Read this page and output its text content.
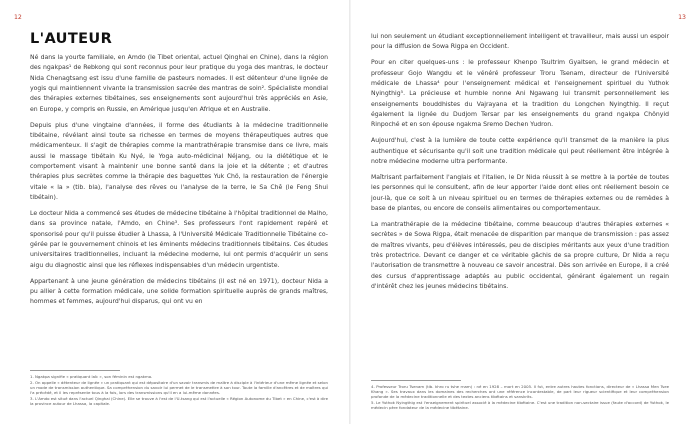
12	13
L'AUTEUR

Né dans la yourte familiale, en Amdo (le Tibet oriental, actuel Qinghai en Chine), dans la région des ngakpas¹ de Rebkong qui sont reconnus pour leur pratique du yoga des mantras, le docteur Nida Chenagtsang est issu d'une famille de pasteurs nomades. Il est détenteur d'une lignée de yogis qui maintiennent vivante la transmission sacrée des mantras de soin². Spécialiste mondial des thérapies externes tibétaines, ses enseignements sont aujourd'hui très appréciés en Asie, en Europe, y compris en Russie, en Amérique jusqu'en Afrique et en Australie.

Depuis plus d'une vingtaine d'années, il forme des étudiants à la médecine traditionnelle tibétaine, révélant ainsi toute sa richesse en termes de moyens thérapeutiques autres que médicamenteux. Il s'agit de thérapies comme la mantrathérapie transmise dans ce livre, mais aussi le massage tibétain Ku Nyé, le Yoga auto-médicinal Néjang, ou la diététique et le comportement visant à maintenir une bonne santé dans la joie et la détente ; et d'autres thérapies plus secrètes comme la thérapie des baguettes Yuk Chö, la restauration de l'énergie vitale « la » (tib. bla), l'analyse des rêves ou l'analyse de la terre, le Sa Chê (le Feng Shui tibétain).

Le docteur Nida a commencé ses études de médecine tibétaine à l'hôpital traditionnel de Malho, dans sa province natale, l'Amdo, en Chine³. Ses professeurs l'ont rapidement repéré et sponsorisé pour qu'il puisse étudier à Lhassa, à l'Université Médicale Traditionnelle Tibétaine co-gérée par le gouvernement chinois et les éminents médecins traditionnels tibétains. Ces études universitaires traditionnelles, incluant la médecine moderne, lui ont permis d'acquérir un sens aigu du diagnostic ainsi que les réflexes indispensables d'un médecin urgentiste.

Appartenant à une jeune génération de médecins tibétains (il est né en 1971), docteur Nida a pu allier à cette formation médicale, une solide formation spirituelle auprès de grands maîtres, hommes et femmes, aujourd'hui disparus, qui ont vu en

1. Ngakpa signifie « pratiquant laïc », son féminin est ngakmo.

2. On appelle « détenteur de lignée » un pratiquant qui est dépositaire d'un savoir transmis de maître à disciple à l'intérieur d'une même lignée et selon un mode de transmission authentique. Sa compréhension du savoir lui permet de le transmettre à son tour. Toute la famille d'ancêtres et de maîtres qui l'a précédé, et il les représente tous à la fois, lors des transmissions qu'il en a lui-même données.

3. L'Amdo est situé dans l'actuel Qinghai (Chine). Elle se trouve à l'est de l'U-tsang qui est l'actuelle « Région Autonome du Tibet » en Chine, c'est à dire la province autour de Lhassa, la capitale.

lui non seulement un étudiant exceptionnellement intelligent et travailleur, mais aussi un espoir pour la diffusion de Sowa Rigpa en Occident.

Pour en citer quelques-uns : le professeur Khenpo Tsultrim Gyaltsen, le grand médecin et professeur Gojo Wangdu et le vénéré professeur Troru Tsenam, directeur de l'Université médicale de Lhassa⁴ pour l'enseignement médical et l'enseignement spirituel du Yuthok Nyingthig⁵. La précieuse et humble nonne Ani Ngawang lui transmit personnellement les enseignements bouddhistes du Vajrayana et la tradition du Longchen Nyingthig. Il reçut également la lignée du Dudjom Tersar par les enseignements du grand ngakpa Chönyid Rinpoché et en son épouse ngakma Sremo Dechen Yudron.

Aujourd'hui, c'est à la lumière de toute cette expérience qu'il transmet de la manière la plus authentique et sécurisante qu'il soit une tradition médicale qui peut réellement être intégrée à notre médecine moderne ultra performante.

Maîtrisant parfaitement l'anglais et l'italien, le Dr Nida réussit à se mettre à la portée de toutes les personnes qui le consultent, afin de leur apporter l'aide dont elles ont réellement besoin ce jour-là, que ce soit à un niveau spirituel ou en termes de thérapies externes ou de remèdes à base de plantes, ou encore de conseils alimentaires ou comportementaux.

La mantrathérapie de la médecine tibétaine, comme beaucoup d'autres thérapies externes « secrètes » de Sowa Rigpa, était menacée de disparition par manque de transmission : pas assez de maîtres vivants, peu d'élèves intéressés, peu de disciples méritants aux yeux d'une tradition très protectrice. Devant ce danger et ce véritable gâchis de sa propre culture, Dr Nida a reçu l'autorisation de transmettre à nouveau ce savoir ancestral. Dès son arrivée en Europe, il a créé des cursus d'apprentissage adaptés au public occidental, générant également un regain d'intérêt chez les jeunes médecins tibétains.

4. Professeur Troru Tsenam (tib. khro ru tshe rnam) : né en 1928 – mort en 2005. Il fut, entre autres hautes fonctions, directeur de « Lhassa Men Tsee Khang ». Ses travaux dans les domaines des recherches ont une référence incontestable, de part leur rigueur scientifique et leur compréhension profonde de la médecine traditionnelle et des textes anciens tibétains et sanskrits.

5. Le Yuthok Nyingthig est l'enseignement spirituel associé à la médecine tibétaine. C'est une tradition non-sectaire issue (faute d'accord) de Yuthok, le médecin père fondateur de la médecine tibétaine.
